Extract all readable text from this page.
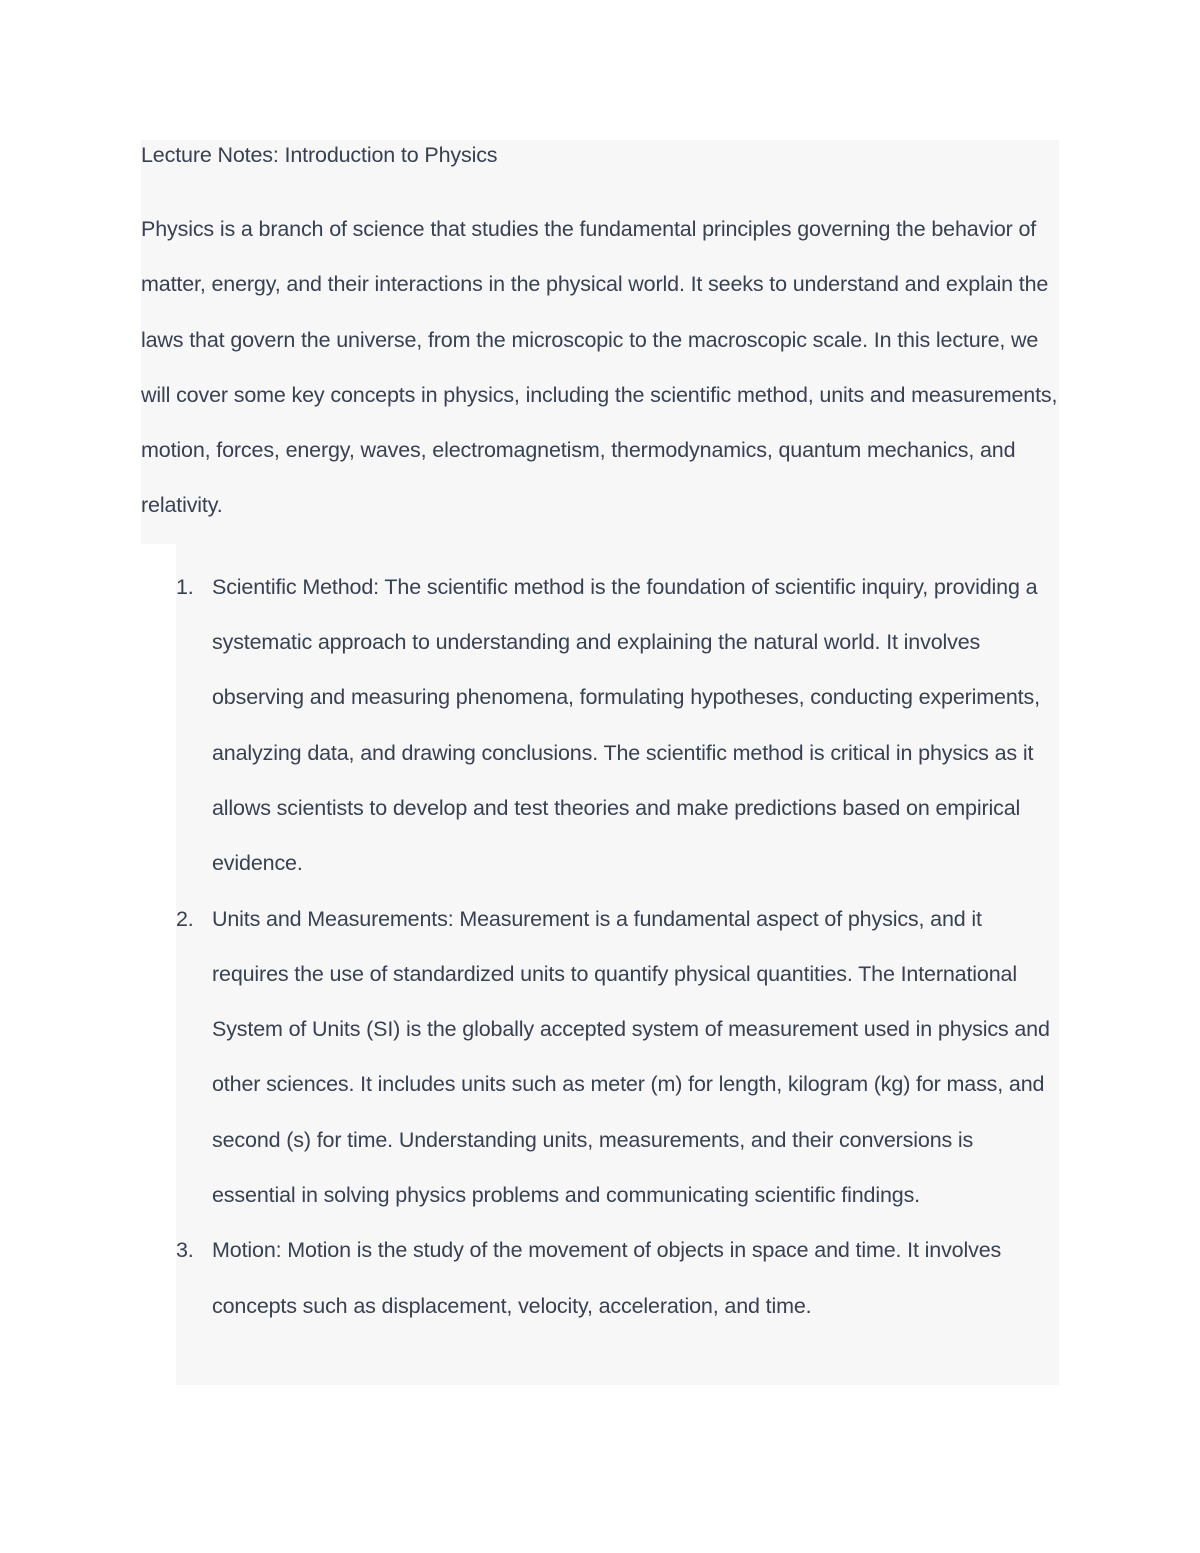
Lecture Notes: Introduction to Physics

Physics is a branch of science that studies the fundamental principles governing the behavior of matter, energy, and their interactions in the physical world. It seeks to understand and explain the laws that govern the universe, from the microscopic to the macroscopic scale. In this lecture, we will cover some key concepts in physics, including the scientific method, units and measurements, motion, forces, energy, waves, electromagnetism, thermodynamics, quantum mechanics, and relativity.

1. Scientific Method: The scientific method is the foundation of scientific inquiry, providing a systematic approach to understanding and explaining the natural world. It involves observing and measuring phenomena, formulating hypotheses, conducting experiments, analyzing data, and drawing conclusions. The scientific method is critical in physics as it allows scientists to develop and test theories and make predictions based on empirical evidence.
2. Units and Measurements: Measurement is a fundamental aspect of physics, and it requires the use of standardized units to quantify physical quantities. The International System of Units (SI) is the globally accepted system of measurement used in physics and other sciences. It includes units such as meter (m) for length, kilogram (kg) for mass, and second (s) for time. Understanding units, measurements, and their conversions is essential in solving physics problems and communicating scientific findings.
3. Motion: Motion is the study of the movement of objects in space and time. It involves concepts such as displacement, velocity, acceleration, and time.
